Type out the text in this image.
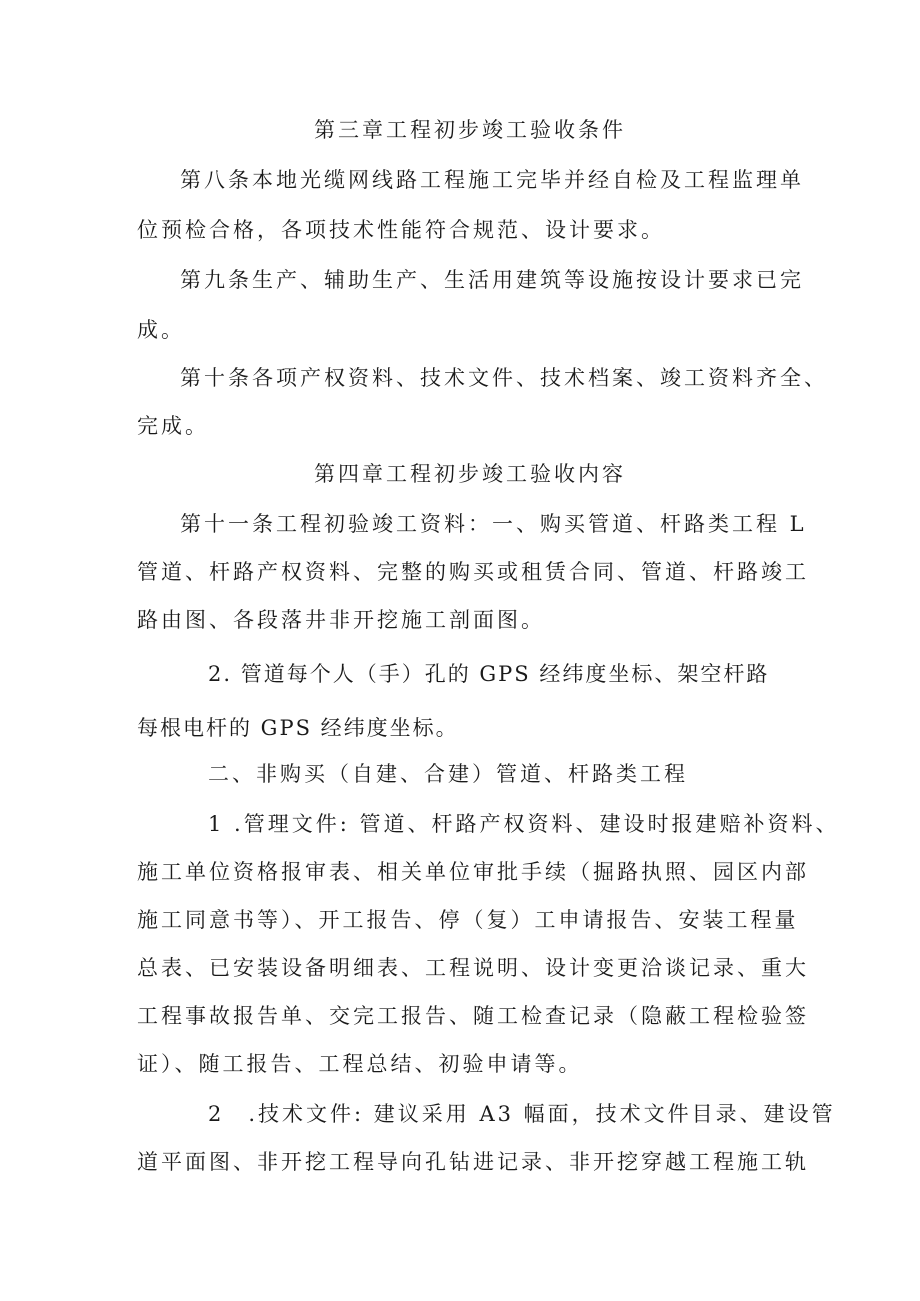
第三章工程初步竣工验收条件
第八条本地光缆网线路工程施工完毕并经自检及工程监理单
位预检合格，各项技术性能符合规范、设计要求。
第九条生产、辅助生产、生活用建筑等设施按设计要求已完
成。
第十条各项产权资料、技术文件、技术档案、竣工资料齐全、
完成。
第四章工程初步竣工验收内容
第十一条工程初验竣工资料：一、购买管道、杆路类工程 L
管道、杆路产权资料、完整的购买或租赁合同、管道、杆路竣工
路由图、各段落井非开挖施工剖面图。
2. 管道每个人（手）孔的 GPS 经纬度坐标、架空杆路
每根电杆的 GPS 经纬度坐标。
二、非购买（自建、合建）管道、杆路类工程
1 .管理文件: 管道、杆路产权资料、建设时报建赔补资料、
施工单位资格报审表、相关单位审批手续（掘路执照、园区内部
施工同意书等）、开工报告、停（复）工申请报告、安装工程量
总表、已安装设备明细表、工程说明、设计变更洽谈记录、重大
工程事故报告单、交完工报告、随工检查记录（隐蔽工程检验签
证）、随工报告、工程总结、初验申请等。
2　.技术文件: 建议采用 A3 幅面，技术文件目录、建设管
道平面图、非开挖工程导向孔钻进记录、非开挖穿越工程施工轨
